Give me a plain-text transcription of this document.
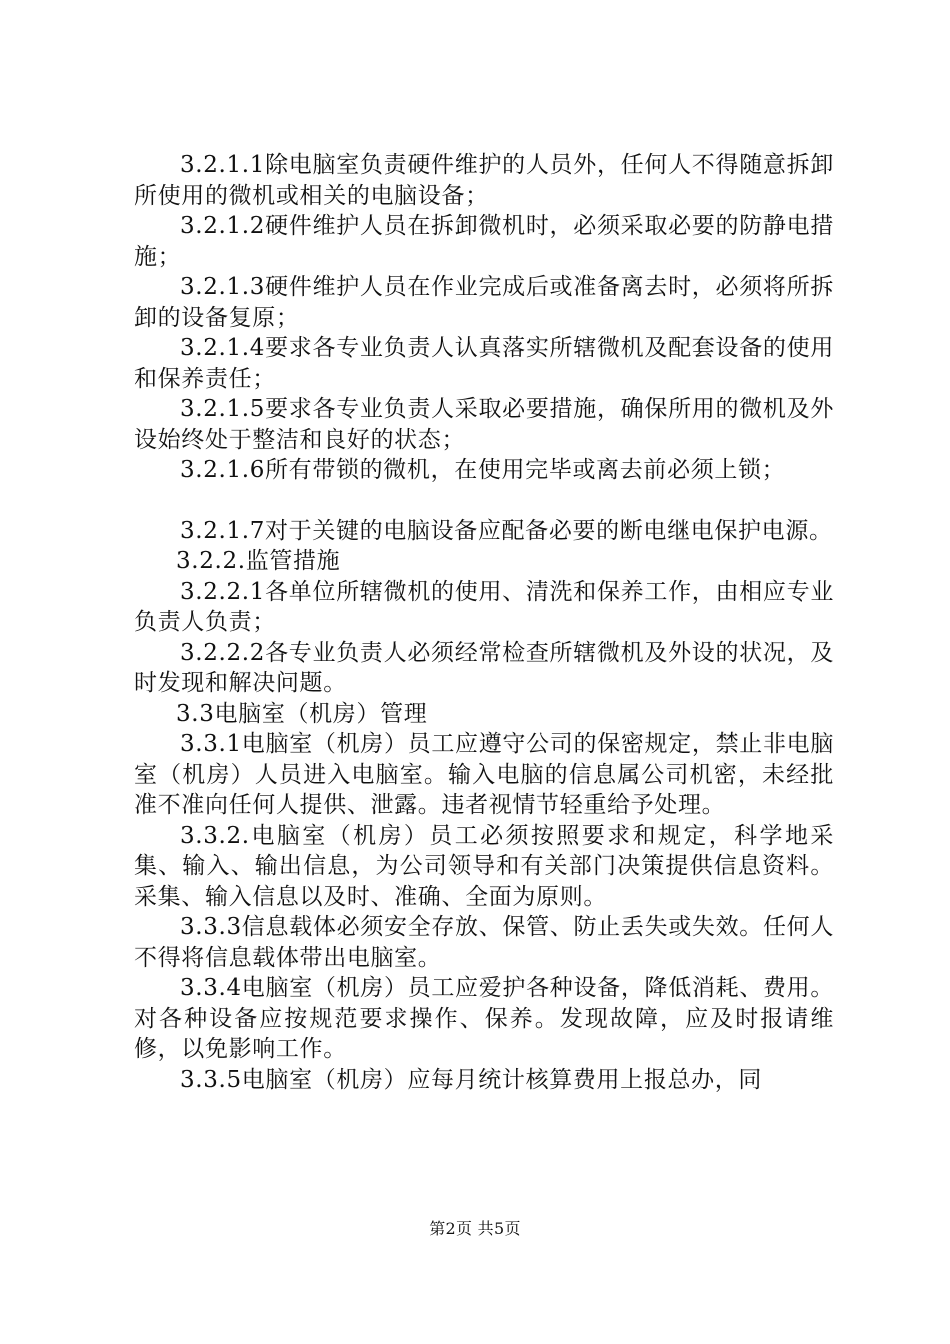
3.2.1.1除电脑室负责硬件维护的人员外，任何人不得随意拆卸所使用的微机或相关的电脑设备；

3.2.1.2硬件维护人员在拆卸微机时，必须采取必要的防静电措施；

3.2.1.3硬件维护人员在作业完成后或准备离去时，必须将所拆卸的设备复原；

3.2.1.4要求各专业负责人认真落实所辖微机及配套设备的使用和保养责任；

3.2.1.5要求各专业负责人采取必要措施，确保所用的微机及外设始终处于整洁和良好的状态；

3.2.1.6所有带锁的微机，在使用完毕或离去前必须上锁；

3.2.1.7对于关键的电脑设备应配备必要的断电继电保护电源。

3.2.2.监管措施

3.2.2.1各单位所辖微机的使用、清洗和保养工作，由相应专业负责人负责；

3.2.2.2各专业负责人必须经常检查所辖微机及外设的状况，及时发现和解决问题。

3.3电脑室（机房）管理

3.3.1电脑室（机房）员工应遵守公司的保密规定，禁止非电脑室（机房）人员进入电脑室。输入电脑的信息属公司机密，未经批准不准向任何人提供、泄露。违者视情节轻重给予处理。

3.3.2.电脑室（机房）员工必须按照要求和规定，科学地采集、输入、输出信息，为公司领导和有关部门决策提供信息资料。采集、输入信息以及时、准确、全面为原则。

3.3.3信息载体必须安全存放、保管、防止丢失或失效。任何人不得将信息载体带出电脑室。

3.3.4电脑室（机房）员工应爱护各种设备，降低消耗、费用。对各种设备应按规范要求操作、保养。发现故障，应及时报请维修，以免影响工作。

3.3.5电脑室（机房）应每月统计核算费用上报总办，同

第2页 共5页
